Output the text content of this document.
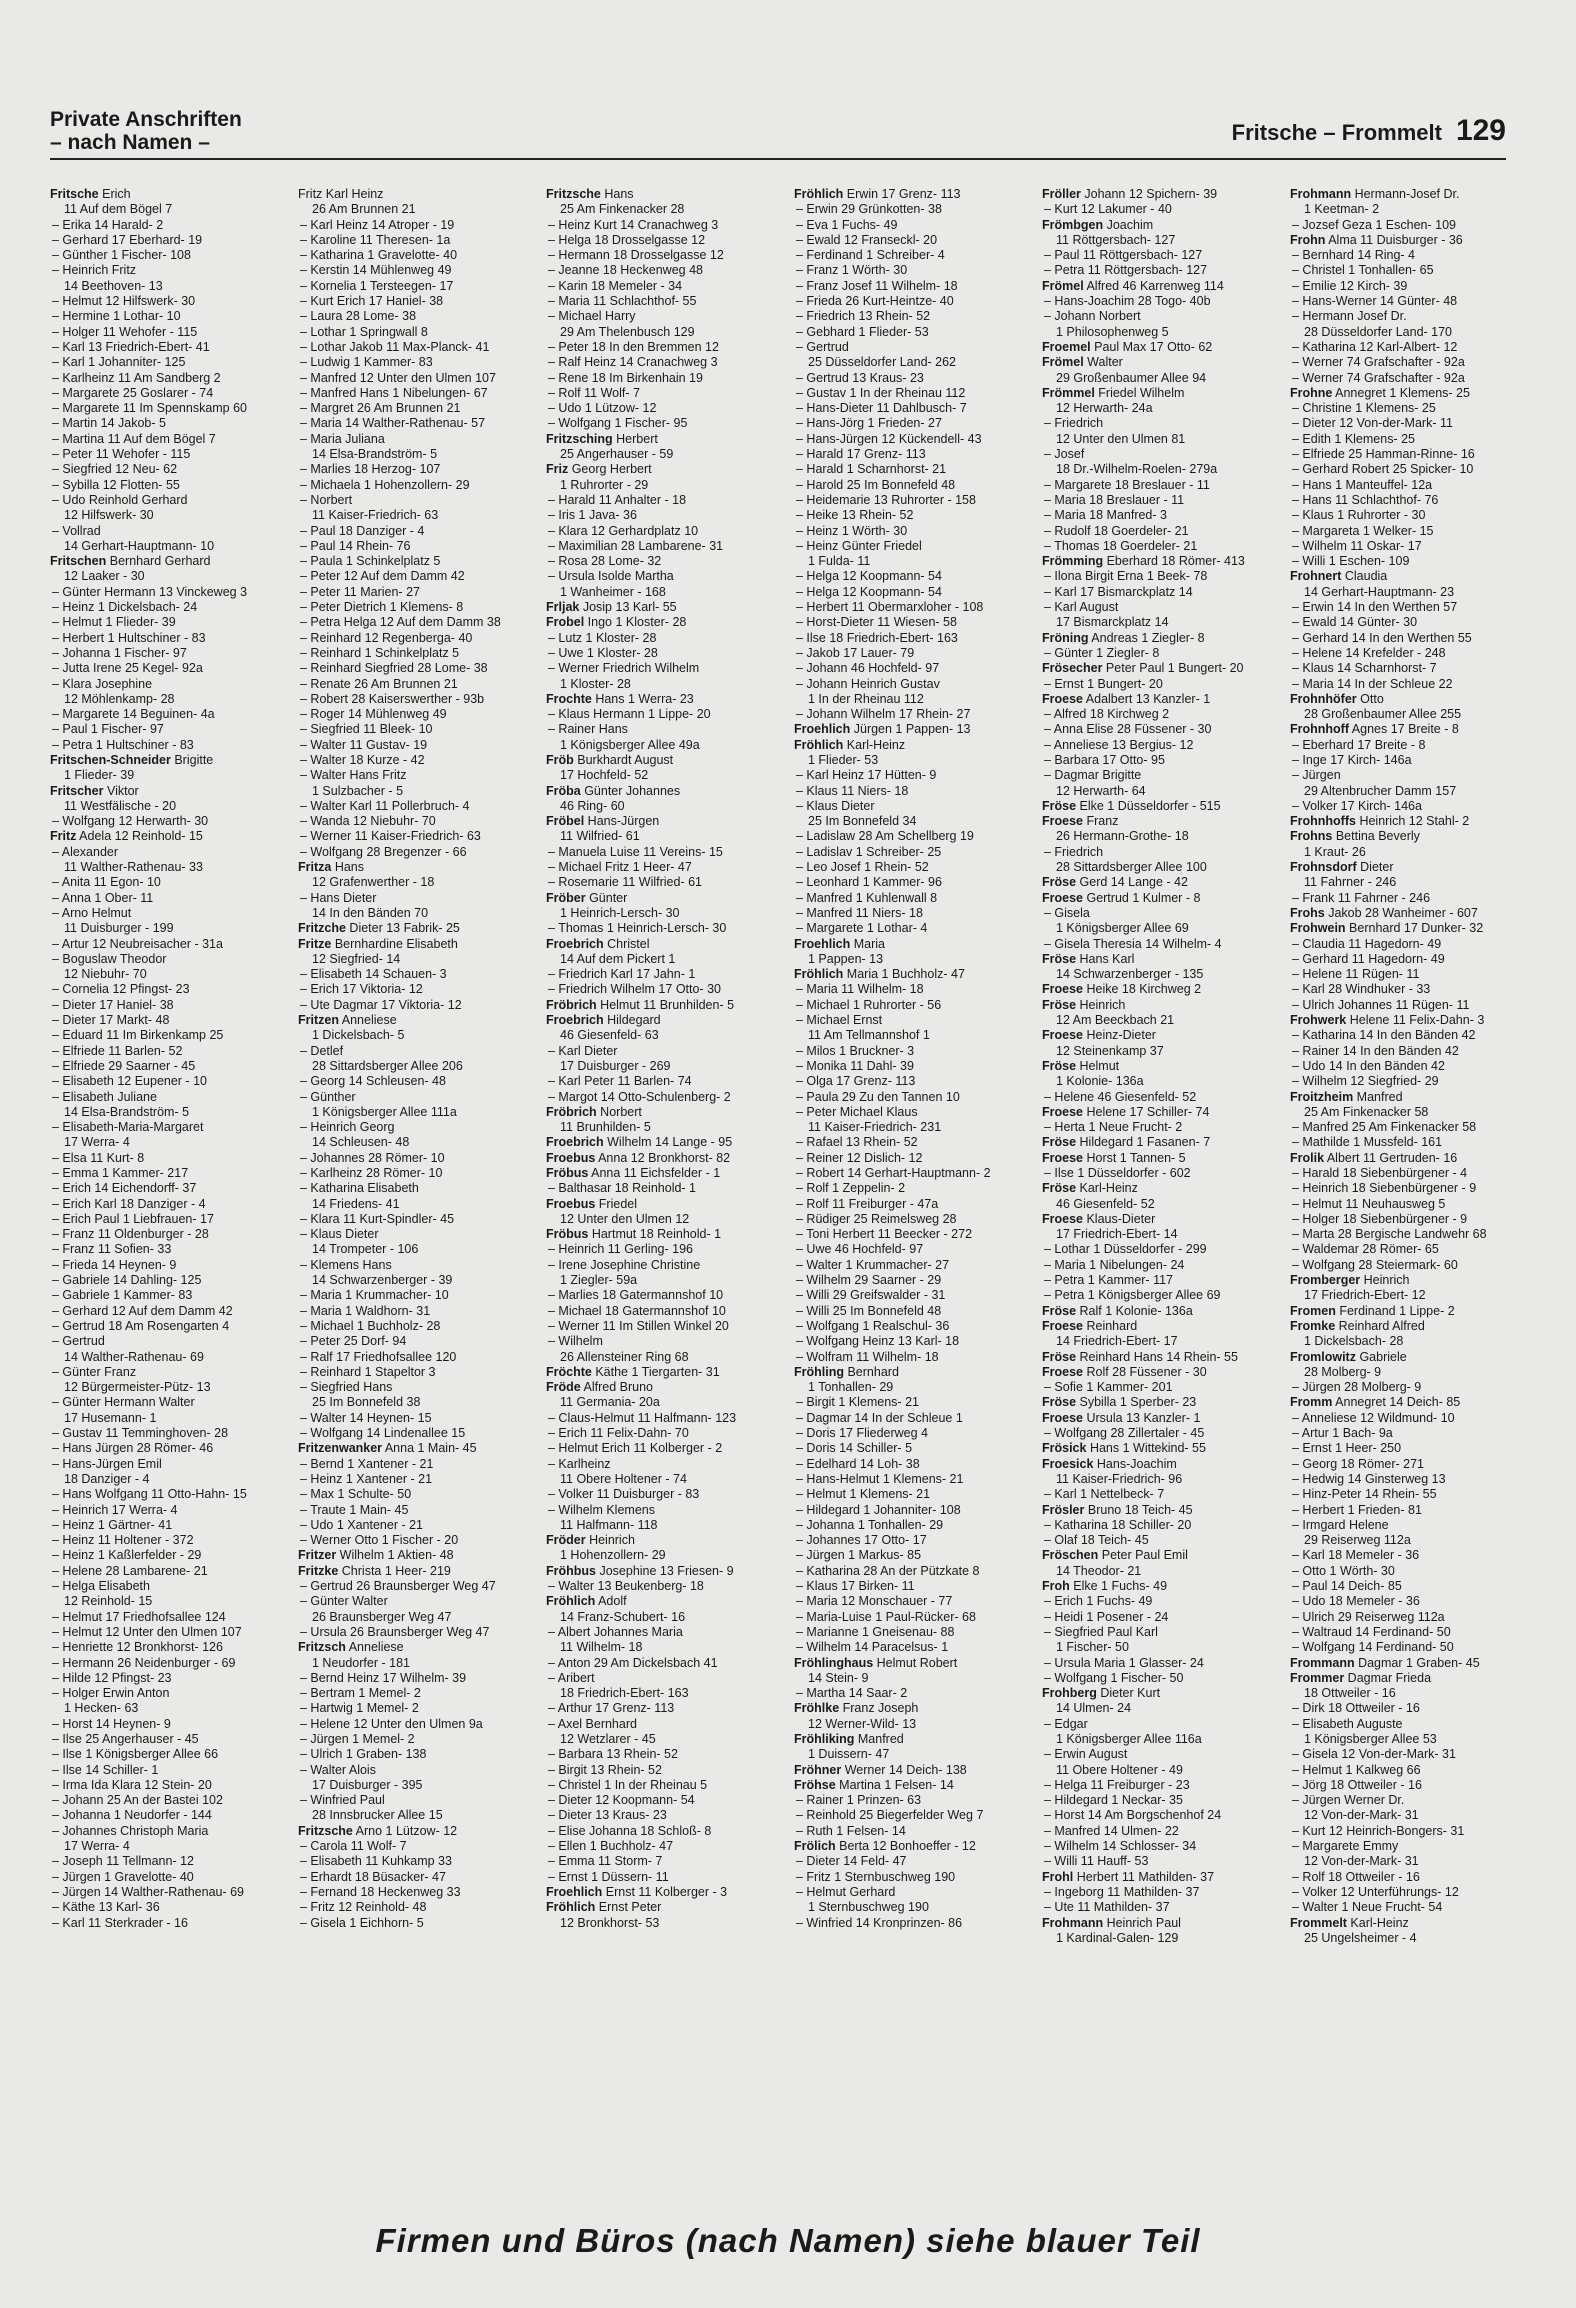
Private Anschriften
– nach Namen –	Fritsche – Frommelt 129
Fritsche Erich
11 Auf dem Bögel 7
– Erika 14 Harald- 2
– Gerhard 17 Eberhard- 19
– Günther 1 Fischer- 108
– Heinrich Fritz
14 Beethoven- 13
– Helmut 12 Hilfswerk- 30
– Hermine 1 Lothar- 10
– Holger 11 Wehofer - 115
– Karl 13 Friedrich-Ebert- 41
– Karl 1 Johanniter- 125
– Karlheinz 11 Am Sandberg 2
– Margarete 25 Goslarer - 74
– Margarete 11 Im Spennskamp 60
– Martin 14 Jakob- 5
– Martina 11 Auf dem Bögel 7
– Peter 11 Wehofer - 115
– Siegfried 12 Neu- 62
– Sybilla 12 Flotten- 55
– Udo Reinhold Gerhard
12 Hilfswerk- 30
– Vollrad
14 Gerhart-Hauptmann- 10
Fritschen Bernhard Gerhard
12 Laaker - 30
– Günter Hermann 13 Vinckeweg 3
– Heinz 1 Dickelsbach- 24
– Helmut 1 Flieder- 39
– Herbert 1 Hultschiner - 83
– Johanna 1 Fischer- 97
– Jutta Irene 25 Kegel- 92a
– Klara Josephine
12 Möhlenkamp- 28
– Margarete 14 Beguinen- 4a
– Paul 1 Fischer- 97
– Petra 1 Hultschiner - 83
Fritschen-Schneider Brigitte
1 Flieder- 39
Fritscher Viktor
11 Westfälische - 20
– Wolfgang 12 Herwarth- 30
Fritz Adela 12 Reinhold- 15
– Alexander
11 Walther-Rathenau- 33
– Anita 11 Egon- 10
– Anna 1 Ober- 11
– Arno Helmut
11 Duisburger - 199
– Artur 12 Neubreisacher - 31a
– Boguslaw Theodor
12 Niebuhr- 70
– Cornelia 12 Pfingst- 23
– Dieter 17 Haniel- 38
– Dieter 17 Markt- 48
– Eduard 11 Im Birkenkamp 25
– Elfriede 11 Barlen- 52
– Elfriede 29 Saarner - 45
– Elisabeth 12 Eupener - 10
– Elisabeth Juliane
14 Elsa-Brandström- 5
– Elisabeth-Maria-Margaret
17 Werra- 4
– Elsa 11 Kurt- 8
– Emma 1 Kammer- 217
– Erich 14 Eichendorff- 37
– Erich Karl 18 Danziger - 4
– Erich Paul 1 Liebfrauen- 17
– Franz 11 Oldenburger - 28
– Franz 11 Sofien- 33
– Frieda 14 Heynen- 9
– Gabriele 14 Dahling- 125
– Gabriele 1 Kammer- 83
– Gerhard 12 Auf dem Damm 42
– Gertrud 18 Am Rosengarten 4
– Gertrud
14 Walther-Rathenau- 69
– Günter Franz
12 Bürgermeister-Pütz- 13
– Günter Hermann Walter
17 Husemann- 1
– Gustav 11 Temminghoven- 28
– Hans Jürgen 28 Römer- 46
– Hans-Jürgen Emil
18 Danziger - 4
– Hans Wolfgang 11 Otto-Hahn- 15
– Heinrich 17 Werra- 4
– Heinz 1 Gärtner- 41
– Heinz 11 Holtener - 372
– Heinz 1 Kaßlerfelder - 29
– Helene 28 Lambarene- 21
– Helga Elisabeth
12 Reinhold- 15
– Helmut 17 Friedhofsallee 124
– Helmut 12 Unter den Ulmen 107
– Henriette 12 Bronkhorst- 126
– Hermann 26 Neidenburger - 69
– Hilde 12 Pfingst- 23
– Holger Erwin Anton
1 Hecken- 63
– Horst 14 Heynen- 9
– Ilse 25 Angerhauser - 45
– Ilse 1 Königsberger Allee 66
– Ilse 14 Schiller- 1
– Irma Ida Klara 12 Stein- 20
– Johann 25 An der Bastei 102
– Johanna 1 Neudorfer - 144
– Johannes Christoph Maria
17 Werra- 4
– Joseph 11 Tellmann- 12
– Jürgen 1 Gravelotte- 40
– Jürgen 14 Walther-Rathenau- 69
– Käthe 13 Karl- 36
– Karl 11 Sterkrader - 16
Fritz Karl Heinz
26 Am Brunnen 21
– Karl Heinz 14 Atroper - 19
– Karoline 11 Theresen- 1a
– Katharina 1 Gravelotte- 40
– Kerstin 14 Mühlenweg 49
– Kornelia 1 Tersteegen- 17
– Kurt Erich 17 Haniel- 38
– Laura 28 Lome- 38
– Lothar 1 Springwall 8
– Lothar Jakob 11 Max-Planck- 41
– Ludwig 1 Kammer- 83
– Manfred 12 Unter den Ulmen 107
– Manfred Hans 1 Nibelungen- 67
– Margret 26 Am Brunnen 21
– Maria 14 Walther-Rathenau- 57
– Maria Juliana
14 Elsa-Brandström- 5
– Marlies 18 Herzog- 107
– Michaela 1 Hohenzollern- 29
– Norbert
11 Kaiser-Friedrich- 63
– Paul 18 Danziger - 4
– Paul 14 Rhein- 76
– Paula 1 Schinkelplatz 5
– Peter 12 Auf dem Damm 42
– Peter 11 Marien- 27
– Peter Dietrich 1 Klemens- 8
– Petra Helga 12 Auf dem Damm 38
– Reinhard 12 Regenberga- 40
– Reinhard 1 Schinkelplatz 5
– Reinhard Siegfried 28 Lome- 38
– Renate 26 Am Brunnen 21
– Robert 28 Kaiserswerther - 93b
– Roger 14 Mühlenweg 49
– Siegfried 11 Bleek- 10
– Walter 11 Gustav- 19
– Walter 18 Kurze - 42
– Walter Hans Fritz
1 Sulzbacher - 5
– Walter Karl 11 Pollerbruch- 4
– Wanda 12 Niebuhr- 70
– Werner 11 Kaiser-Friedrich- 63
– Wolfgang 28 Bregenzer - 66
Fritza Hans
12 Grafenwerther - 18
– Hans Dieter
14 In den Bänden 70
Fritzche Dieter 13 Fabrik- 25
Fritze Bernhardine Elisabeth
12 Siegfried- 14
– Elisabeth 14 Schauen- 3
– Erich 17 Viktoria- 12
– Ute Dagmar 17 Viktoria- 12
Fritzen Anneliese
1 Dickelsbach- 5
– Detlef
28 Sittardsberger Allee 206
– Georg 14 Schleusen- 48
– Günther
1 Königsberger Allee 111a
– Heinrich Georg
14 Schleusen- 48
– Johannes 28 Römer- 10
– Karlheinz 28 Römer- 10
– Katharina Elisabeth
14 Friedens- 41
– Klara 11 Kurt-Spindler- 45
– Klaus Dieter
14 Trompeter - 106
– Klemens Hans
14 Schwarzenberger - 39
– Maria 1 Krummacher- 10
– Maria 1 Waldhorn- 31
– Michael 1 Buchholz- 28
– Peter 25 Dorf- 94
– Ralf 17 Friedhofsallee 120
– Reinhard 1 Stapeltor 3
– Siegfried Hans
25 Im Bonnefeld 38
– Walter 14 Heynen- 15
– Wolfgang 14 Lindenallee 15
Fritzenwanker Anna 1 Main- 45
– Bernd 1 Xantener - 21
– Heinz 1 Xantener - 21
– Max 1 Schulte- 50
– Traute 1 Main- 45
– Udo 1 Xantener - 21
– Werner Otto 1 Fischer - 20
Fritzer Wilhelm 1 Aktien- 48
Fritzke Christa 1 Heer- 219
– Gertrud 26 Braunsberger Weg 47
– Günter Walter
26 Braunsberger Weg 47
– Ursula 26 Braunsberger Weg 47
Fritzsch Anneliese
1 Neudorfer - 181
– Bernd Heinz 17 Wilhelm- 39
– Bertram 1 Memel- 2
– Hartwig 1 Memel- 2
– Helene 12 Unter den Ulmen 9a
– Jürgen 1 Memel- 2
– Ulrich 1 Graben- 138
– Walter Alois
17 Duisburger - 395
– Winfried Paul
28 Innsbrucker Allee 15
Fritzsche Arno 1 Lützow- 12
– Carola 11 Wolf- 7
– Elisabeth 11 Kuhkamp 33
– Erhardt 18 Büsacker- 47
– Fernand 18 Heckenweg 33
– Fritz 12 Reinhold- 48
– Gisela 1 Eichhorn- 5
Fritzsche Hans
25 Am Finkenacker 28
– Heinz Kurt 14 Cranachweg 3
– Helga 18 Drosselgasse 12
– Hermann 18 Drosselgasse 12
– Jeanne 18 Heckenweg 48
– Karin 18 Memeler - 34
– Maria 11 Schlachthof- 55
– Michael Harry
29 Am Thelenbusch 129
– Peter 18 In den Bremmen 12
– Ralf Heinz 14 Cranachweg 3
– Rene 18 Im Birkenhain 19
– Rolf 11 Wolf- 7
– Udo 1 Lützow- 12
– Wolfgang 1 Fischer- 95
Fritzsching Herbert
25 Angerhauser - 59
Friz Georg Herbert
1 Ruhrorter - 29
– Harald 11 Anhalter - 18
– Iris 1 Java- 36
– Klara 12 Gerhardplatz 10
– Maximilian 28 Lambarene- 31
– Rosa 28 Lome- 32
– Ursula Isolde Martha
1 Wanheimer - 168
Frljak Josip 13 Karl- 55
Frobel Ingo 1 Kloster- 28
– Lutz 1 Kloster- 28
– Uwe 1 Kloster- 28
– Werner Friedrich Wilhelm
1 Kloster- 28
Frochte Hans 1 Werra- 23
– Klaus Hermann 1 Lippe- 20
– Rainer Hans
1 Königsberger Allee 49a
Fröb Burkhardt August
17 Hochfeld- 52
Fröba Günter Johannes
46 Ring- 60
Fröbel Hans-Jürgen
11 Wilfried- 61
– Manuela Luise 11 Vereins- 15
– Michael Fritz 1 Heer- 47
– Rosemarie 11 Wilfried- 61
Fröber Günter
1 Heinrich-Lersch- 30
– Thomas 1 Heinrich-Lersch- 30
Froebrich Christel
14 Auf dem Pickert 1
– Friedrich Karl 17 Jahn- 1
– Friedrich Wilhelm 17 Otto- 30
Fröbrich Helmut 11 Brunhilden- 5
Froebrich Hildegard
46 Giesenfeld- 63
– Karl Dieter
17 Duisburger - 269
– Karl Peter 11 Barlen- 74
– Margot 14 Otto-Schulenberg- 2
Fröbrich Norbert
11 Brunhilden- 5
Froebrich Wilhelm 14 Lange - 95
Froebus Anna 12 Bronkhorst- 82
Fröbus Anna 11 Eichsfelder - 1
– Balthasar 18 Reinhold- 1
Froebus Friedel
12 Unter den Ulmen 12
Fröbus Hartmut 18 Reinhold- 1
– Heinrich 11 Gerling- 196
– Irene Josephine Christine
1 Ziegler- 59a
– Marlies 18 Gatermannshof 10
– Michael 18 Gatermannshof 10
– Werner 11 Im Stillen Winkel 20
– Wilhelm
26 Allensteiner Ring 68
Fröchte Käthe 1 Tiergarten- 31
Fröde Alfred Bruno
11 Germania- 20a
– Claus-Helmut 11 Halfmann- 123
– Erich 11 Felix-Dahn- 70
– Helmut Erich 11 Kolberger - 2
– Karlheinz
11 Obere Holtener - 74
– Volker 11 Duisburger - 83
– Wilhelm Klemens
11 Halfmann- 118
Fröder Heinrich
1 Hohenzollern- 29
Fröhbus Josephine 13 Friesen- 9
– Walter 13 Beukenberg- 18
Fröhlich Adolf
14 Franz-Schubert- 16
– Albert Johannes Maria
11 Wilhelm- 18
– Anton 29 Am Dickelsbach 41
– Aribert
18 Friedrich-Ebert- 163
– Arthur 17 Grenz- 113
– Axel Bernhard
12 Wetzlarer - 45
– Barbara 13 Rhein- 52
– Birgit 13 Rhein- 52
– Christel 1 In der Rheinau 5
– Dieter 12 Koopmann- 54
– Dieter 13 Kraus- 23
– Elise Johanna 18 Schloß- 8
– Ellen 1 Buchholz- 47
– Emma 11 Storm- 7
– Ernst 1 Düssern- 11
Froehlich Ernst 11 Kolberger - 3
Fröhlich Ernst Peter
12 Bronkhorst- 53
Fröhlich Erwin 17 Grenz- 113
– Erwin 29 Grünkotten- 38
– Eva 1 Fuchs- 49
– Ewald 12 Franseckl- 20
– Ferdinand 1 Schreiber- 4
– Franz 1 Wörth- 30
– Franz Josef 11 Wilhelm- 18
– Frieda 26 Kurt-Heintze- 40
– Friedrich 13 Rhein- 52
– Gebhard 1 Flieder- 53
– Gertrud
25 Düsseldorfer Land- 262
– Gertrud 13 Kraus- 23
– Gustav 1 In der Rheinau 112
– Hans-Dieter 11 Dahlbusch- 7
– Hans-Jörg 1 Frieden- 27
– Hans-Jürgen 12 Kückendell- 43
– Harald 17 Grenz- 113
– Harald 1 Scharnhorst- 21
– Harold 25 Im Bonnefeld 48
– Heidemarie 13 Ruhrorter - 158
– Heike 13 Rhein- 52
– Heinz 1 Wörth- 30
– Heinz Günter Friedel
1 Fulda- 11
– Helga 12 Koopmann- 54
– Helga 12 Koopmann- 54
– Herbert 11 Obermarxloher - 108
– Horst-Dieter 11 Wiesen- 58
– Ilse 18 Friedrich-Ebert- 163
– Jakob 17 Lauer- 79
– Johann 46 Hochfeld- 97
– Johann Heinrich Gustav
1 In der Rheinau 112
– Johann Wilhelm 17 Rhein- 27
Froehlich Jürgen 1 Pappen- 13
Fröhlich Karl-Heinz
1 Flieder- 53
– Karl Heinz 17 Hütten- 9
– Klaus 11 Niers- 18
– Klaus Dieter
25 Im Bonnefeld 34
– Ladislaw 28 Am Schellberg 19
– Ladislav 1 Schreiber- 25
– Leo Josef 1 Rhein- 52
– Leonhard 1 Kammer- 96
– Manfred 1 Kuhlenwall 8
– Manfred 11 Niers- 18
– Margarete 1 Lothar- 4
Froehlich Maria
1 Pappen- 13
Fröhlich Maria 1 Buchholz- 47
– Maria 11 Wilhelm- 18
– Michael 1 Ruhrorter - 56
– Michael Ernst
11 Am Tellmannshof 1
– Milos 1 Bruckner- 3
– Monika 11 Dahl- 39
– Olga 17 Grenz- 113
– Paula 29 Zu den Tannen 10
– Peter Michael Klaus
11 Kaiser-Friedrich- 231
– Rafael 13 Rhein- 52
– Reiner 12 Dislich- 12
– Robert 14 Gerhart-Hauptmann- 2
– Rolf 1 Zeppelin- 2
– Rolf 11 Freiburger - 47a
– Rüdiger 25 Reimelsweg 28
– Toni Herbert 11 Beecker - 272
– Uwe 46 Hochfeld- 97
– Walter 1 Krummacher- 27
– Wilhelm 29 Saarner - 29
– Willi 29 Greifswalder - 31
– Willi 25 Im Bonnefeld 48
– Wolfgang 1 Realschul- 36
– Wolfgang Heinz 13 Karl- 18
– Wolfram 11 Wilhelm- 18
Fröhling Bernhard
1 Tonhallen- 29
– Birgit 1 Klemens- 21
– Dagmar 14 In der Schleue 1
– Doris 17 Fliederweg 4
– Doris 14 Schiller- 5
– Edelhard 14 Loh- 38
– Hans-Helmut 1 Klemens- 21
– Helmut 1 Klemens- 21
– Hildegard 1 Johanniter- 108
– Johanna 1 Tonhallen- 29
– Johannes 17 Otto- 17
– Jürgen 1 Markus- 85
– Katharina 28 An der Pützkate 8
– Klaus 17 Birken- 11
– Maria 12 Monschauer - 77
– Maria-Luise 1 Paul-Rücker- 68
– Marianne 1 Gneisenau- 88
– Wilhelm 14 Paracelsus- 1
Fröhlinghaus Helmut Robert
14 Stein- 9
– Martha 14 Saar- 2
Fröhlke Franz Joseph
12 Werner-Wild- 13
Fröhliking Manfred
1 Duissern- 47
Fröhner Werner 14 Deich- 138
Fröhse Martina 1 Felsen- 14
– Rainer 1 Prinzen- 63
– Reinhold 25 Biegerfelder Weg 7
– Ruth 1 Felsen- 14
Frölich Berta 12 Bonhoeffer - 12
– Dieter 14 Feld- 47
– Fritz 1 Sternbuschweg 190
– Helmut Gerhard
1 Sternbuschweg 190
– Winfried 14 Kronprinzen- 86
Fröller Johann 12 Spichern- 39
– Kurt 12 Lakumer - 40
Frömbgen Joachim
11 Röttgersbach- 127
– Paul 11 Röttgersbach- 127
– Petra 11 Röttgersbach- 127
Frömel Alfred 46 Karrenweg 114
– Hans-Joachim 28 Togo- 40b
– Johann Norbert
1 Philosophenweg 5
Froemel Paul Max 17 Otto- 62
Frömel Walter
29 Großenbaumer Allee 94
Frömmel Friedel Wilhelm
12 Herwarth- 24a
– Friedrich
12 Unter den Ulmen 81
– Josef
18 Dr.-Wilhelm-Roelen- 279a
– Margarete 18 Breslauer - 11
– Maria 18 Breslauer - 11
– Maria 18 Manfred- 3
– Rudolf 18 Goerdeler- 21
– Thomas 18 Goerdeler- 21
Frömming Eberhard 18 Römer- 413
– Ilona Birgit Erna 1 Beek- 78
– Karl 17 Bismarckplatz 14
– Karl August
17 Bismarckplatz 14
Fröning Andreas 1 Ziegler- 8
– Günter 1 Ziegler- 8
Frösecher Peter Paul 1 Bungert- 20
– Ernst 1 Bungert- 20
Froese Adalbert 13 Kanzler- 1
– Alfred 18 Kirchweg 2
– Anna Elise 28 Füssener - 30
– Anneliese 13 Bergius- 12
– Barbara 17 Otto- 95
– Dagmar Brigitte
12 Herwarth- 64
Fröse Elke 1 Düsseldorfer - 515
Froese Franz
26 Hermann-Grothe- 18
– Friedrich
28 Sittardsberger Allee 100
Fröse Gerd 14 Lange - 42
Froese Gertrud 1 Kulmer - 8
– Gisela
1 Königsberger Allee 69
– Gisela Theresia 14 Wilhelm- 4
Fröse Hans Karl
14 Schwarzenberger - 135
Froese Heike 18 Kirchweg 2
Fröse Heinrich
12 Am Beeckbach 21
Froese Heinz-Dieter
12 Steinenkamp 37
Fröse Helmut
1 Kolonie- 136a
– Helene 46 Giesenfeld- 52
Froese Helene 17 Schiller- 74
– Herta 1 Neue Frucht- 2
Fröse Hildegard 1 Fasanen- 7
Froese Horst 1 Tannen- 5
– Ilse 1 Düsseldorfer - 602
Fröse Karl-Heinz
46 Giesenfeld- 52
Froese Klaus-Dieter
17 Friedrich-Ebert- 14
– Lothar 1 Düsseldorfer - 299
– Maria 1 Nibelungen- 24
– Petra 1 Kammer- 117
– Petra 1 Königsberger Allee 69
Fröse Ralf 1 Kolonie- 136a
Froese Reinhard
14 Friedrich-Ebert- 17
Fröse Reinhard Hans 14 Rhein- 55
Froese Rolf 28 Füssener - 30
– Sofie 1 Kammer- 201
Fröse Sybilla 1 Sperber- 23
Froese Ursula 13 Kanzler- 1
– Wolfgang 28 Zillertaler - 45
Frösick Hans 1 Wittekind- 55
Froesick Hans-Joachim
11 Kaiser-Friedrich- 96
– Karl 1 Nettelbeck- 7
Frösler Bruno 18 Teich- 45
– Katharina 18 Schiller- 20
– Olaf 18 Teich- 45
Fröschen Peter Paul Emil
14 Theodor- 21
Froh Elke 1 Fuchs- 49
– Erich 1 Fuchs- 49
– Heidi 1 Posener - 24
– Siegfried Paul Karl
1 Fischer- 50
– Ursula Maria 1 Glasser- 24
– Wolfgang 1 Fischer- 50
Frohberg Dieter Kurt
14 Ulmen- 24
– Edgar
1 Königsberger Allee 116a
– Erwin August
11 Obere Holtener - 49
– Helga 11 Freiburger - 23
– Hildegard 1 Neckar- 35
– Horst 14 Am Borgschenhof 24
– Manfred 14 Ulmen- 22
– Wilhelm 14 Schlosser- 34
– Willi 11 Hauff- 53
Frohl Herbert 11 Mathilden- 37
– Ingeborg 11 Mathilden- 37
– Ute 11 Mathilden- 37
Frohmann Heinrich Paul
1 Kardinal-Galen- 129
Frohmann Hermann-Josef Dr.
1 Keetman- 2
– Jozsef Geza 1 Eschen- 109
Frohn Alma 11 Duisburger - 36
– Bernhard 14 Ring- 4
– Christel 1 Tonhallen- 65
– Emilie 12 Kirch- 39
– Hans-Werner 14 Günter- 48
– Hermann Josef Dr.
28 Düsseldorfer Land- 170
– Katharina 12 Karl-Albert- 12
– Werner 74 Grafschafter - 92a
– Werner 74 Grafschafter - 92a
Frohne Annegret 1 Klemens- 25
– Christine 1 Klemens- 25
– Dieter 12 Von-der-Mark- 11
– Edith 1 Klemens- 25
– Elfriede 25 Hamman-Rinne- 16
– Gerhard Robert 25 Spicker- 10
– Hans 1 Manteuffel- 12a
– Hans 11 Schlachthof- 76
– Klaus 1 Ruhrorter - 30
– Margareta 1 Welker- 15
– Wilhelm 11 Oskar- 17
– Willi 1 Eschen- 109
Frohnert Claudia
14 Gerhart-Hauptmann- 23
– Erwin 14 In den Werthen 57
– Ewald 14 Günter- 30
– Gerhard 14 In den Werthen 55
– Helene 14 Krefelder - 248
– Klaus 14 Scharnhorst- 7
– Maria 14 In der Schleue 22
Frohnhöfer Otto
28 Großenbaumer Allee 255
Frohnhoff Agnes 17 Breite - 8
– Eberhard 17 Breite - 8
– Inge 17 Kirch- 146a
– Jürgen
29 Altenbrucher Damm 157
– Volker 17 Kirch- 146a
Frohnhoffs Heinrich 12 Stahl- 2
Frohns Bettina Beverly
1 Kraut- 26
Frohnsdorf Dieter
11 Fahrner - 246
– Frank 11 Fahrner - 246
Frohs Jakob 28 Wanheimer - 607
Frohwein Bernhard 17 Dunker- 32
– Claudia 11 Hagedorn- 49
– Gerhard 11 Hagedorn- 49
– Helene 11 Rügen- 11
– Karl 28 Windhuker - 33
– Ulrich Johannes 11 Rügen- 11
Frohwerk Helene 11 Felix-Dahn- 3
– Katharina 14 In den Bänden 42
– Rainer 14 In den Bänden 42
– Udo 14 In den Bänden 42
– Wilhelm 12 Siegfried- 29
Froitzheim Manfred
25 Am Finkenacker 58
– Manfred 25 Am Finkenacker 58
– Mathilde 1 Mussfeld- 161
Frolik Albert 11 Gertruden- 16
– Harald 18 Siebenbürgener - 4
– Heinrich 18 Siebenbürgener - 9
– Helmut 11 Neuhausweg 5
– Holger 18 Siebenbürgener - 9
– Marta 28 Bergische Landwehr 68
– Waldemar 28 Römer- 65
– Wolfgang 28 Steiermark- 60
Fromberger Heinrich
17 Friedrich-Ebert- 12
Fromen Ferdinand 1 Lippe- 2
Fromke Reinhard Alfred
1 Dickelsbach- 28
Fromlowitz Gabriele
28 Molberg- 9
– Jürgen 28 Molberg- 9
Fromm Annegret 14 Deich- 85
– Anneliese 12 Wildmund- 10
– Artur 1 Bach- 9a
– Ernst 1 Heer- 250
– Georg 18 Römer- 271
– Hedwig 14 Ginsterweg 13
– Hinz-Peter 14 Rhein- 55
– Herbert 1 Frieden- 81
– Irmgard Helene
29 Reiserweg 112a
– Karl 18 Memeler - 36
– Otto 1 Wörth- 30
– Paul 14 Deich- 85
– Udo 18 Memeler - 36
– Ulrich 29 Reiserweg 112a
– Waltraud 14 Ferdinand- 50
– Wolfgang 14 Ferdinand- 50
Frommann Dagmar 1 Graben- 45
Frommer Dagmar Frieda
18 Ottweiler - 16
– Dirk 18 Ottweiler - 16
– Elisabeth Auguste
1 Königsberger Allee 53
– Gisela 12 Von-der-Mark- 31
– Helmut 1 Kalkweg 66
– Jörg 18 Ottweiler - 16
– Jürgen Werner Dr.
12 Von-der-Mark- 31
– Kurt 12 Heinrich-Bongers- 31
– Margarete Emmy
12 Von-der-Mark- 31
– Rolf 18 Ottweiler - 16
– Volker 12 Unterführungs- 12
– Walter 1 Neue Frucht- 54
Frommelt Karl-Heinz
25 Ungelsheimer - 4
Firmen und Büros (nach Namen) siehe blauer Teil
